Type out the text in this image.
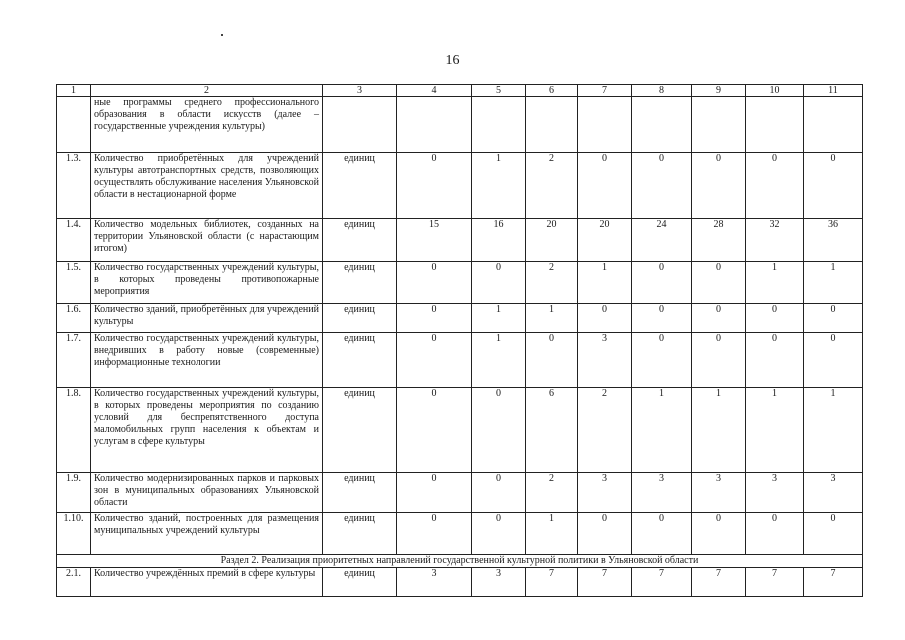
16
1	2	3	4	5	6	7	8	9	10	11
	ные программы среднего профессионального образования в области искусств (далее – государственные учреждения культуры)									
1.3.	Количество приобретённых для учреждений культуры автотранспортных средств, позволяющих осуществлять обслуживание населения Ульяновской области в нестационарной форме	единиц	0	1	2	0	0	0	0	0
1.4.	Количество модельных библиотек, созданных на территории Ульяновской области (с нарастающим итогом)	единиц	15	16	20	20	24	28	32	36
1.5.	Количество государственных учреждений культуры, в которых проведены противопожарные мероприятия	единиц	0	0	2	1	0	0	1	1
1.6.	Количество зданий, приобретённых для учреждений культуры	единиц	0	1	1	0	0	0	0	0
1.7.	Количество государственных учреждений культуры, внедривших в работу новые (современные) информационные технологии	единиц	0	1	0	3	0	0	0	0
1.8.	Количество государственных учреждений культуры, в которых проведены мероприятия по созданию условий для беспрепятственного доступа маломобильных групп населения к объектам и услугам в сфере культуры	единиц	0	0	6	2	1	1	1	1
1.9.	Количество модернизированных парков и парковых зон в муниципальных образованиях Ульяновской области	единиц	0	0	2	3	3	3	3	3
1.10.	Количество зданий, построенных для размещения муниципальных учреждений культуры	единиц	0	0	1	0	0	0	0	0
Раздел 2. Реализация приоритетных направлений государственной культурной политики в Ульяновской области										
2.1.	Количество учреждённых премий в сфере культуры	единиц	3	3	7	7	7	7	7	7
